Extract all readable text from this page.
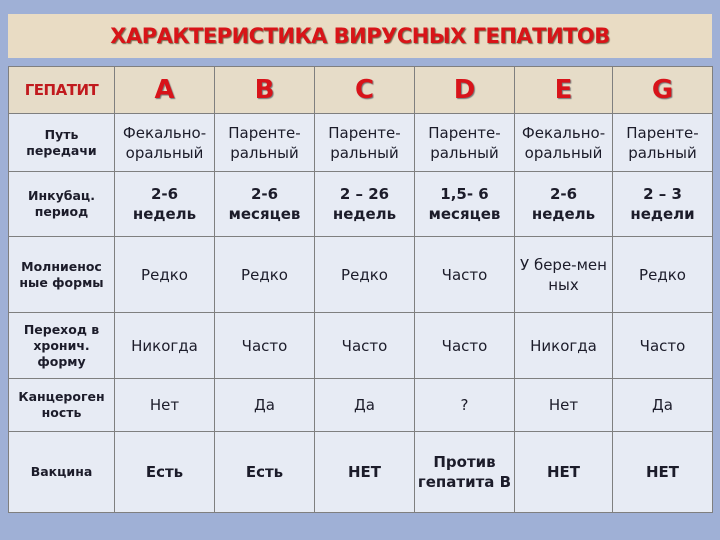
ХАРАКТЕРИСТИКА ВИРУСНЫХ ГЕПАТИТОВ
ГЕПАТИТ	A	B	C	D	E	G
Путь передачи	Фекально-оральный	Паренте-ральный	Паренте-ральный	Паренте-ральный	Фекально-оральный	Паренте-ральный
Инкубац. период	2-6 недель	2-6 месяцев	2 – 26 недель	1,5- 6 месяцев	2-6 недель	2 – 3 недели
Молниенос ные формы	Редко	Редко	Редко	Часто	У бере-мен ных	Редко
Переход в хронич. форму	Никогда	Часто	Часто	Часто	Никогда	Часто
Канцероген ность	Нет	Да	Да	?	Нет	Да
Вакцина	Есть	Есть	НЕТ	Против гепатита В	НЕТ	НЕТ
